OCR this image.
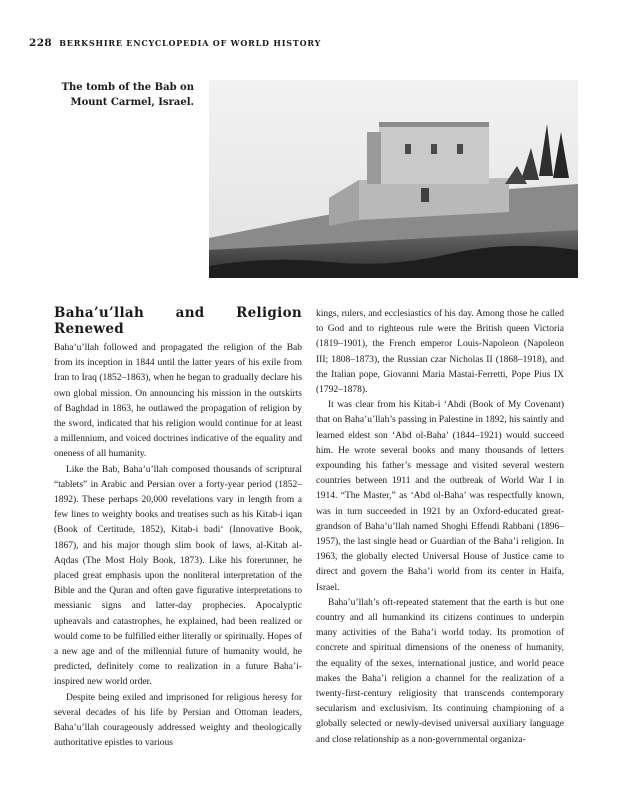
228 BERKSHIRE ENCYCLOPEDIA OF WORLD HISTORY
The tomb of the Bab on Mount Carmel, Israel.
Baha’u’llah and Religion Renewed

Baha’u’llah followed and propagated the religion of the Bab from its inception in 1844 until the latter years of his exile from Iran to Iraq (1852–1863), when he began to gradually declare his own global mission. On announcing his mission in the outskirts of Baghdad in 1863, he outlawed the propagation of religion by the sword, indicated that his religion would continue for at least a millennium, and voiced doctrines indicative of the equality and oneness of all humanity.

Like the Bab, Baha’u’llah composed thousands of scriptural “tablets” in Arabic and Persian over a forty-year period (1852–1892). These perhaps 20,000 revelations vary in length from a few lines to weighty books and treatises such as his Kitab-i iqan (Book of Certitude, 1852), Kitab-i badi‘ (Innovative Book, 1867), and his major though slim book of laws, al-Kitab al-Aqdas (The Most Holy Book, 1873). Like his forerunner, he placed great emphasis upon the nonliteral interpretation of the Bible and the Quran and often gave figurative interpretations to messianic signs and latter-day prophecies. Apocalyptic upheavals and catastrophes, he explained, had been realized or would come to be fulfilled either literally or spiritually. Hopes of a new age and of the millennial future of humanity would, he predicted, definitely come to realization in a future Baha’i-inspired new world order.

Despite being exiled and imprisoned for religious heresy for several decades of his life by Persian and Ottoman leaders, Baha’u’llah courageously addressed weighty and theologically authoritative epistles to various

kings, rulers, and ecclesiastics of his day. Among those he called to God and to righteous rule were the British queen Victoria (1819–1901), the French emperor Louis-Napoleon (Napoleon III; 1808–1873), the Russian czar Nicholas II (1868–1918), and the Italian pope, Giovanni Maria Mastai-Ferretti, Pope Pius IX (1792–1878).

It was clear from his Kitab-i ‘Ahdi (Book of My Covenant) that on Baha’u’llah’s passing in Palestine in 1892, his saintly and learned eldest son ‘Abd ol-Baha’ (1844–1921) would succeed him. He wrote several books and many thousands of letters expounding his father’s message and visited several western countries between 1911 and the outbreak of World War I in 1914. “The Master,” as ‘Abd ol-Baha’ was respectfully known, was in turn succeeded in 1921 by an Oxford-educated great-grandson of Baha’u’llah named Shoghi Effendi Rabbani (1896–1957), the last single head or Guardian of the Baha’i religion. In 1963, the globally elected Universal House of Justice came to direct and govern the Baha’i world from its center in Haifa, Israel.

Baha’u’llah’s oft-repeated statement that the earth is but one country and all humankind its citizens continues to underpin many activities of the Baha’i world today. Its promotion of concrete and spiritual dimensions of the oneness of humanity, the equality of the sexes, international justice, and world peace makes the Baha’i religion a channel for the realization of a twenty-first-century religiosity that transcends contemporary secularism and exclusivism. Its continuing championing of a globally selected or newly-devised universal auxiliary language and close relationship as a non-governmental organiza-
